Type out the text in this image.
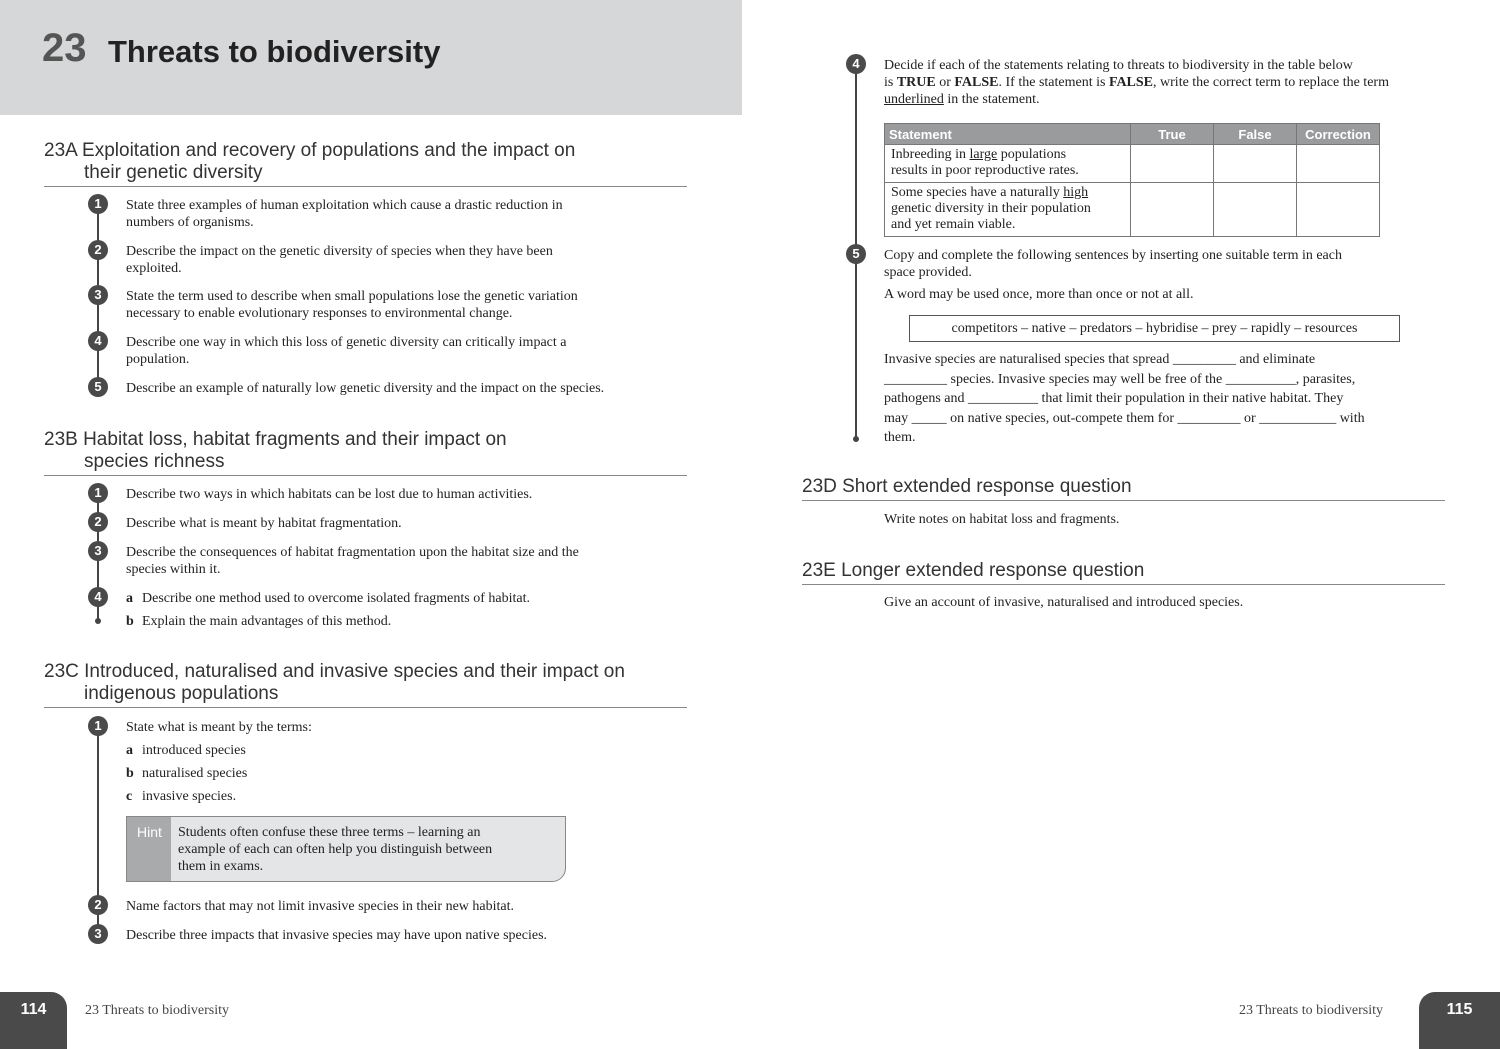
23 Threats to biodiversity
23A Exploitation and recovery of populations and the impact on
their genetic diversity
1	State three examples of human exploitation which cause a drastic reduction in
numbers of organisms.
2	Describe the impact on the genetic diversity of species when they have been
exploited.
3	State the term used to describe when small populations lose the genetic variation
necessary to enable evolutionary responses to environmental change.
4	Describe one way in which this loss of genetic diversity can critically impact a
population.
5	Describe an example of naturally low genetic diversity and the impact on the species.
23B Habitat loss, habitat fragments and their impact on
species richness
1	Describe two ways in which habitats can be lost due to human activities.
2	Describe what is meant by habitat fragmentation.
3	Describe the consequences of habitat fragmentation upon the habitat size and the
species within it.
4	a Describe one method used to overcome isolated fragments of habitat.
b Explain the main advantages of this method.
23C Introduced, naturalised and invasive species and their impact on
indigenous populations
1	State what is meant by the terms:
a introduced species
b naturalised species
c invasive species.
Hint Students often confuse these three terms – learning an
example of each can often help you distinguish between
them in exams.
2	Name factors that may not limit invasive species in their new habitat.
3	Describe three impacts that invasive species may have upon native species.
4	Decide if each of the statements relating to threats to biodiversity in the table below
is TRUE or FALSE. If the statement is FALSE, write the correct term to replace the term
underlined in the statement.
Statement	True	False	Correction
Inbreeding in large populations
results in poor reproductive rates.			
Some species have a naturally high
genetic diversity in their population
and yet remain viable.			
5	Copy and complete the following sentences by inserting one suitable term in each
space provided.
A word may be used once, more than once or not at all.
competitors – native – predators – hybridise – prey – rapidly – resources
Invasive species are naturalised species that spread _________ and eliminate
_________ species. Invasive species may well be free of the __________, parasites,
pathogens and __________ that limit their population in their native habitat. They
may _____ on native species, out-compete them for _________ or ___________ with
them.
23D Short extended response question
Write notes on habitat loss and fragments.
23E Longer extended response question
Give an account of invasive, naturalised and introduced species.
114	23 Threats to biodiversity	23 Threats to biodiversity	115
